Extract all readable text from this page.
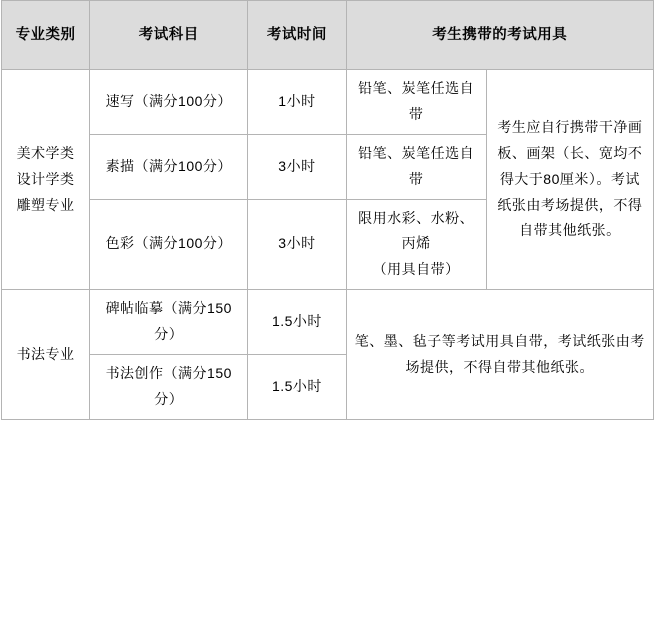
专业类别	考试科目	考试时间	考生携带的考试用具	

美术学类
设计学类
雕塑专业	速写（满分100分）	1小时	铅笔、炭笔任选自带	考生应自行携带干净画板、画架（长、宽均不得大于80厘米）。考试纸张由考场提供，不得自带其他纸张。
	素描（满分100分）	3小时	铅笔、炭笔任选自带	
	色彩（满分100分）	3小时	限用水彩、水粉、丙烯
（用具自带）	

书法专业	碑帖临摹（满分150分）	1.5小时	笔、墨、毡子等考试用具自带，考试纸张由考场提供，不得自带其他纸张。	
	书法创作（满分150分）	1.5小时		
